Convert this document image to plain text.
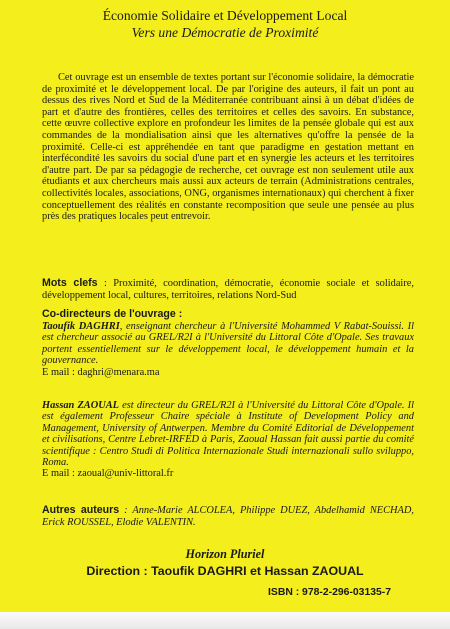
Économie Solidaire et Développement Local
Vers une Démocratie de Proximité

Cet ouvrage est un ensemble de textes portant sur l'économie solidaire, la démocratie de proximité et le développement local. De par l'origine des auteurs, il fait un pont au dessus des rives Nord et Sud de la Méditerranée contribuant ainsi à un débat d'idées de part et d'autre des frontières, celles des territoires et celles des savoirs. En substance, cette œuvre collective explore en profondeur les limites de la pensée globale qui est aux commandes de la mondialisation ainsi que les alternatives qu'offre la pensée de la proximité. Celle-ci est appréhendée en tant que paradigme en gestation mettant en interfécondité les savoirs du social d'une part et en synergie les acteurs et les territoires d'autre part. De par sa pédagogie de recherche, cet ouvrage est non seulement utile aux étudiants et aux chercheurs mais aussi aux acteurs de terrain (Administrations centrales, collectivités locales, associations, ONG, organismes internationaux) qui cherchent à fixer conceptuellement des réalités en constante recomposition que seule une pensée au plus près des pratiques locales peut entrevoir.

Mots clefs : Proximité, coordination, démocratie, économie sociale et solidaire, développement local, cultures, territoires, relations Nord-Sud

Co-directeurs de l'ouvrage :

Taoufik DAGHRI, enseignant chercheur à l'Université Mohammed V Rabat-Souissi. Il est chercheur associé au GREL/R2I à l'Université du Littoral Côte d'Opale. Ses travaux portent essentiellement sur le développement local, le développement humain et la gouvernance.
E mail : daghri@menara.ma

Hassan ZAOUAL est directeur du GREL/R2I à l'Université du Littoral Côte d'Opale. Il est également Professeur Chaire spéciale à Institute of Development Policy and Management, University of Antwerpen. Membre du Comité Editorial de Développement et civilisations, Centre Lebret-IRFED à Paris, Zaoual Hassan fait aussi partie du comité scientifique : Centro Studi di Politica Internazionale Studi internazionali sullo sviluppo, Roma.
E mail : zaoual@univ-littoral.fr

Autres auteurs : Anne-Marie ALCOLEA, Philippe DUEZ, Abdelhamid NECHAD, Erick ROUSSEL, Elodie VALENTIN.

Horizon Pluriel
Direction : Taoufik DAGHRI et Hassan ZAOUAL
ISBN : 978-2-296-03135-7
